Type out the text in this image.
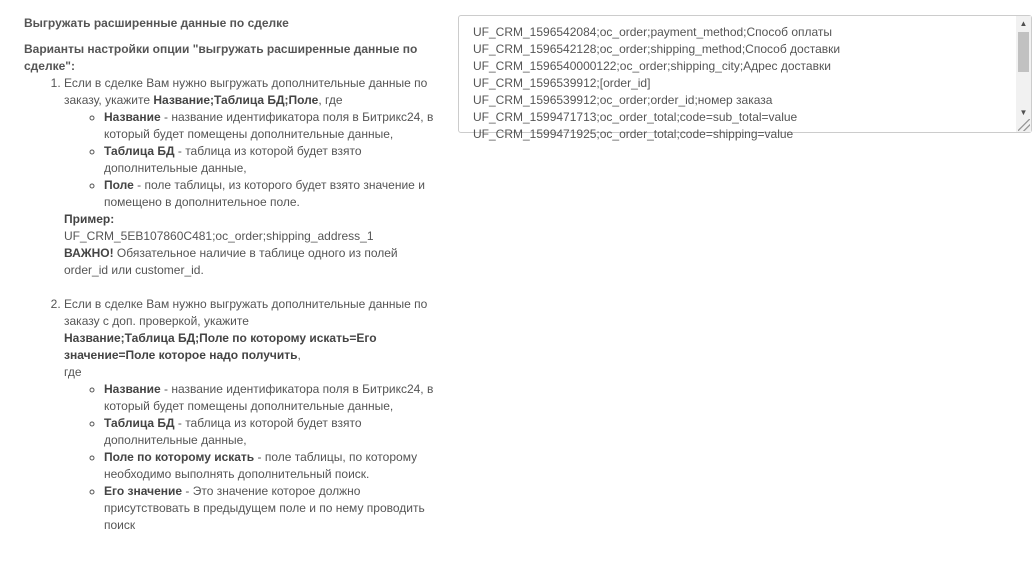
Выгружать расширенные данные по сделке
Варианты настройки опции "выгружать расширенные данные по сделке":
1. Если в сделке Вам нужно выгружать дополнительные данные по заказу, укажите Название;Таблица БД;Поле, где
◦ Название - название идентификатора поля в Битрикс24, в который будет помещены дополнительные данные,
◦ Таблица БД - таблица из которой будет взято дополнительные данные,
◦ Поле - поле таблицы, из которого будет взято значение и помещено в дополнительное поле.
Пример:
UF_CRM_5EB107860C481;oc_order;shipping_address_1
ВАЖНО! Обязательное наличие в таблице одного из полей order_id или customer_id.
2. Если в сделке Вам нужно выгружать дополнительные данные по заказу с доп. проверкой, укажите
Название;Таблица БД;Поле по которому искать=Его значение=Поле которое надо получить,
где
◦ Название - название идентификатора поля в Битрикс24, в который будет помещены дополнительные данные,
◦ Таблица БД - таблица из которой будет взято дополнительные данные,
◦ Поле по которому искать - поле таблицы, по которому необходимо выполнять дополнительный поиск.
◦ Его значение - Это значение которое должно присутствовать в предыдущем поле и по нему проводить поиск
UF_CRM_1596542084;oc_order;payment_method;Способ оплаты
UF_CRM_1596542128;oc_order;shipping_method;Способ доставки
UF_CRM_1596540000122;oc_order;shipping_city;Адрес доставки
UF_CRM_1596539912;[order_id]
UF_CRM_1596539912;oc_order;order_id;номер заказа
UF_CRM_1599471713;oc_order_total;code=sub_total=value
UF_CRM_1599471925;oc_order_total;code=shipping=value
▲
▼
